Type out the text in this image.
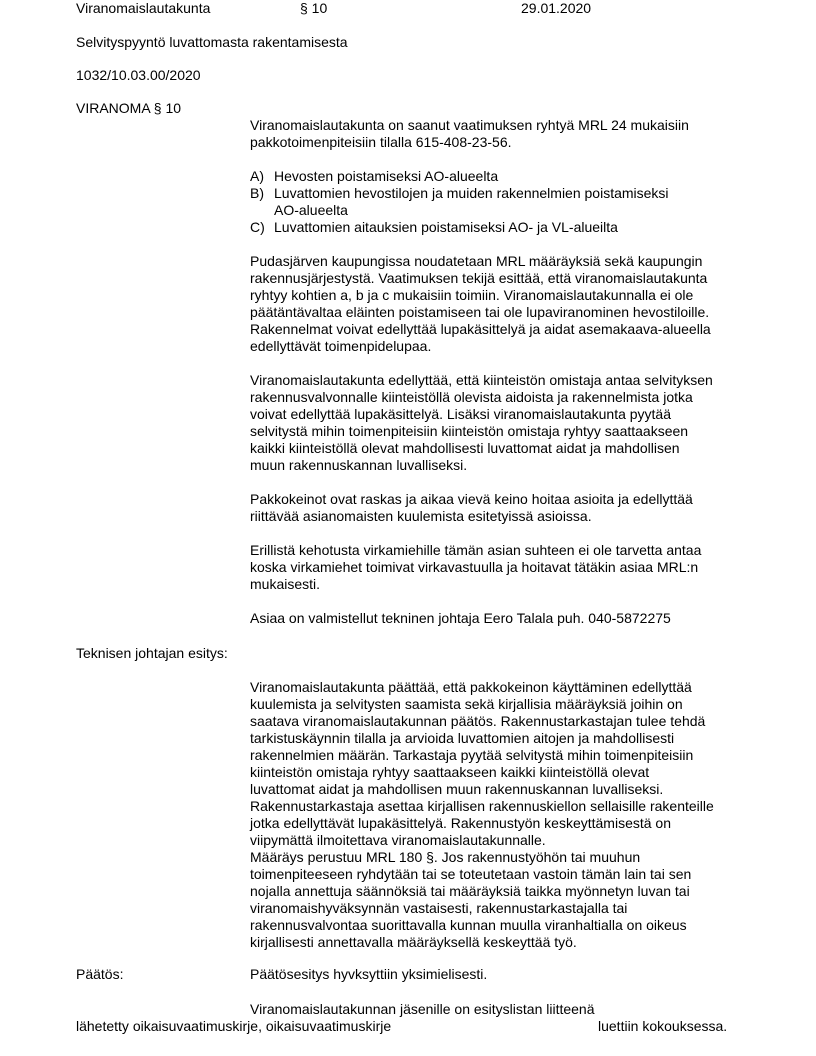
Viranomaislautakunta	§ 10	29.01.2020
Selvityspyyntö luvattomasta rakentamisesta
1032/10.03.00/2020
VIRANOMA § 10
Viranomaislautakunta on saanut vaatimuksen ryhtyä MRL 24 mukaisiin
pakkotoimenpiteisiin tilalla 615-408-23-56.
A) Hevosten poistamiseksi AO-alueelta
B) Luvattomien hevostilojen ja muiden rakennelmien poistamiseksi
AO-alueelta
C) Luvattomien aitauksien poistamiseksi AO- ja VL-alueilta
Pudasjärven kaupungissa noudatetaan MRL määräyksiä sekä kaupungin
rakennusjärjestystä. Vaatimuksen tekijä esittää, että viranomaislautakunta
ryhtyy kohtien a, b ja c mukaisiin toimiin. Viranomaislautakunnalla ei ole
päätäntävaltaa eläinten poistamiseen tai ole lupaviranominen hevostiloille.
Rakennelmat voivat edellyttää lupakäsittelyä ja aidat asemakaava-alueella
edellyttävät toimenpidelupaa.
Viranomaislautakunta edellyttää, että kiinteistön omistaja antaa selvityksen
rakennusvalvonnalle kiinteistöllä olevista aidoista ja rakennelmista jotka
voivat edellyttää lupakäsittelyä. Lisäksi viranomaislautakunta pyytää
selvitystä mihin toimenpiteisiin kiinteistön omistaja ryhtyy saattaakseen
kaikki kiinteistöllä olevat mahdollisesti luvattomat aidat ja mahdollisen
muun rakennuskannan luvalliseksi.
Pakkokeinot ovat raskas ja aikaa vievä keino hoitaa asioita ja edellyttää
riittävää asianomaisten kuulemista esitetyissä asioissa.
Erillistä kehotusta virkamiehille tämän asian suhteen ei ole tarvetta antaa
koska virkamiehet toimivat virkavastuulla ja hoitavat tätäkin asiaa MRL:n
mukaisesti.
Asiaa on valmistellut tekninen johtaja Eero Talala puh. 040-5872275
Teknisen johtajan esitys:
Viranomaislautakunta päättää, että pakkokeinon käyttäminen edellyttää
kuulemista ja selvitysten saamista sekä kirjallisia määräyksiä joihin on
saatava viranomaislautakunnan päätös. Rakennustarkastajan tulee tehdä
tarkistuskäynnin tilalla ja arvioida luvattomien aitojen ja mahdollisesti
rakennelmien määrän. Tarkastaja pyytää selvitystä mihin toimenpiteisiin
kiinteistön omistaja ryhtyy saattaakseen kaikki kiinteistöllä olevat
luvattomat aidat ja mahdollisen muun rakennuskannan luvalliseksi.
Rakennustarkastaja asettaa kirjallisen rakennuskiellon sellaisille rakenteille
jotka edellyttävät lupakäsittelyä. Rakennustyön keskeyttämisestä on
viipymättä ilmoitettava viranomaislautakunnalle.
Määräys perustuu MRL 180 §. Jos rakennustyöhön tai muuhun
toimenpiteeseen ryhdytään tai se toteutetaan vastoin tämän lain tai sen
nojalla annettuja säännöksiä tai määräyksiä taikka myönnetyn luvan tai
viranomaishyväksynnän vastaisesti, rakennustarkastajalla tai
rakennusvalvontaa suorittavalla kunnan muulla viranhaltialla on oikeus
kirjallisesti annettavalla määräyksellä keskeyttää työ.
Päätös:	Päätösesitys hyvksyttiin yksimielisesti.
Viranomaislautakunnan jäsenille on esityslistan liitteenä
lähetetty oikaisuvaatimuskirje, oikaisuvaatimuskirje	luettiin kokouksessa.
